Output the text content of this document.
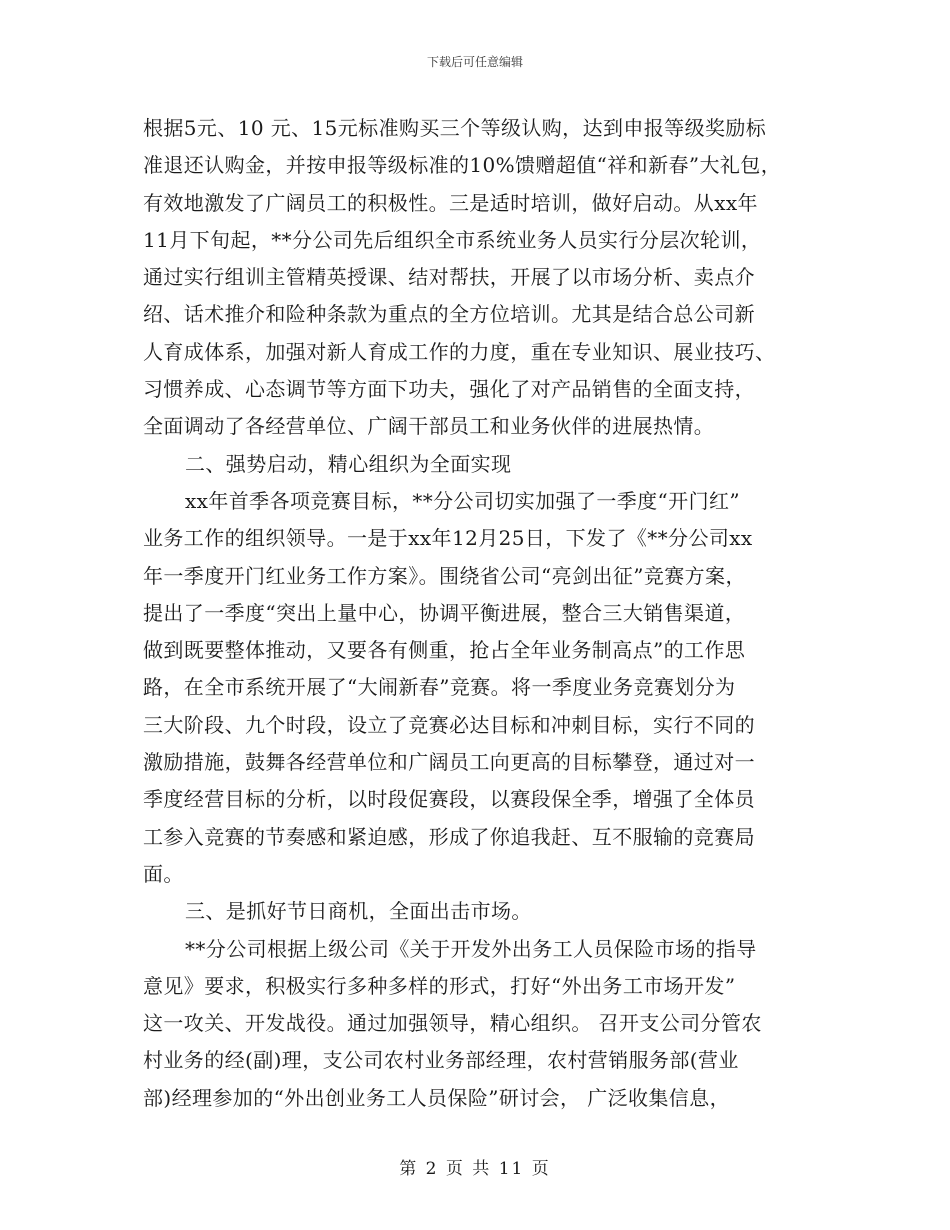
下载后可任意编辑
根据5元、10 元、15元标准购买三个等级认购，达到申报等级奖励标
准退还认购金，并按申报等级标准的10%馈赠超值“祥和新春”大礼包，
有效地激发了广阔员工的积极性。三是适时培训，做好启动。从xx年
11月下旬起，**分公司先后组织全市系统业务人员实行分层次轮训，
通过实行组训主管精英授课、结对帮扶，开展了以市场分析、卖点介
绍、话术推介和险种条款为重点的全方位培训。尤其是结合总公司新
人育成体系，加强对新人育成工作的力度，重在专业知识、展业技巧、
习惯养成、心态调节等方面下功夫，强化了对产品销售的全面支持，
全面调动了各经营单位、广阔干部员工和业务伙伴的进展热情。
二、强势启动，精心组织为全面实现
xx年首季各项竞赛目标，**分公司切实加强了一季度“开门红”
业务工作的组织领导。一是于xx年12月25日，下发了《**分公司xx
年一季度开门红业务工作方案》。围绕省公司“亮剑出征”竞赛方案，
提出了一季度“突出上量中心，协调平衡进展，整合三大销售渠道，
做到既要整体推动，又要各有侧重，抢占全年业务制高点”的工作思
路，在全市系统开展了“大闹新春”竞赛。将一季度业务竞赛划分为
三大阶段、九个时段，设立了竞赛必达目标和冲刺目标，实行不同的
激励措施，鼓舞各经营单位和广阔员工向更高的目标攀登，通过对一
季度经营目标的分析，以时段促赛段，以赛段保全季，增强了全体员
工参入竞赛的节奏感和紧迫感，形成了你追我赶、互不服输的竞赛局
面。
三、是抓好节日商机，全面出击市场。
**分公司根据上级公司《关于开发外出务工人员保险市场的指导
意见》要求，积极实行多种多样的形式，打好“外出务工市场开发”
这一攻关、开发战役。通过加强领导，精心组织。 召开支公司分管农
村业务的经(副)理，支公司农村业务部经理，农村营销服务部(营业
部)经理参加的“外出创业务工人员保险”研讨会， 广泛收集信息，
第 2 页 共 11 页
